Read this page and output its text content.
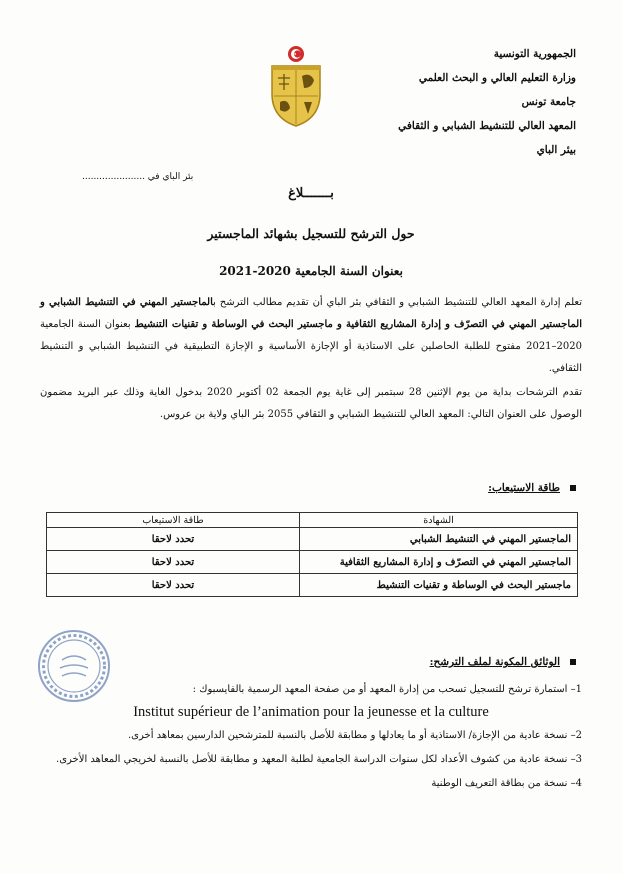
الجمهورية التونسية
وزارة التعليم العالي و البحث العلمي
جامعة تونس
المعهد العالي للتنشيط الشبابي و الثقافي
بيئر الباي
بئر الباي في ......................
بـــــــلاغ
حول الترشح للتسجيل بشهائد الماجستير
بعنوان السنة الجامعية 2020-2021
تعلم إدارة المعهد العالي للتنشيط الشبابي و الثقافي بئر الباي أن تقديم مطالب الترشح بالماجستير المهني في التنشيط الشبابي و الماجستير المهني في التصرّف و إدارة المشاريع الثقافية و ماجستير البحث في الوساطة و تقنيات التنشيط بعنوان السنة الجامعية 2020–2021 مفتوح للطلبة الحاصلين على الاستاذية أو الإجازة الأساسية و الإجازة التطبيقية في التنشيط الشبابي و التنشيط الثقافي.
تقدم الترشحات بداية من يوم الإثنين 28 سبتمبر إلى غاية يوم الجمعة 02 أكتوبر 2020 بدخول الغاية وذلك عبر البريد مضمون الوصول على العنوان التالي: المعهد العالي للتنشيط الشبابي و الثقافي 2055 بئر الباي ولاية بن عروس.
طاقة الاستيعاب:
الشهادة	طاقة الاستيعاب
الماجستير المهني في التنشيط الشبابي	تحدد لاحقا
الماجستير المهني في التصرّف و إدارة المشاريع الثقافية	تحدد لاحقا
ماجستير البحث في الوساطة و تقنيات التنشيط	تحدد لاحقا
الوثائق المكونة لملف الترشح:

1– استمارة ترشح للتسجيل تسحب من إدارة المعهد أو من صفحة المعهد الرسمية بالفايسبوك :

Institut supérieur de l’animation pour la jeunesse et la culture

2– نسخة عادية من الإجازة/ الاستاذية أو ما يعادلها و مطابقة للأصل بالنسبة للمترشحين الدارسين بمعاهد أخرى.

3– نسخة عادية من كشوف الأعداد لكل سنوات الدراسة الجامعية لطلبة المعهد و مطابقة للأصل بالنسبة لخريجي المعاهد الأخرى.

4– نسخة من بطاقة التعريف الوطنية
